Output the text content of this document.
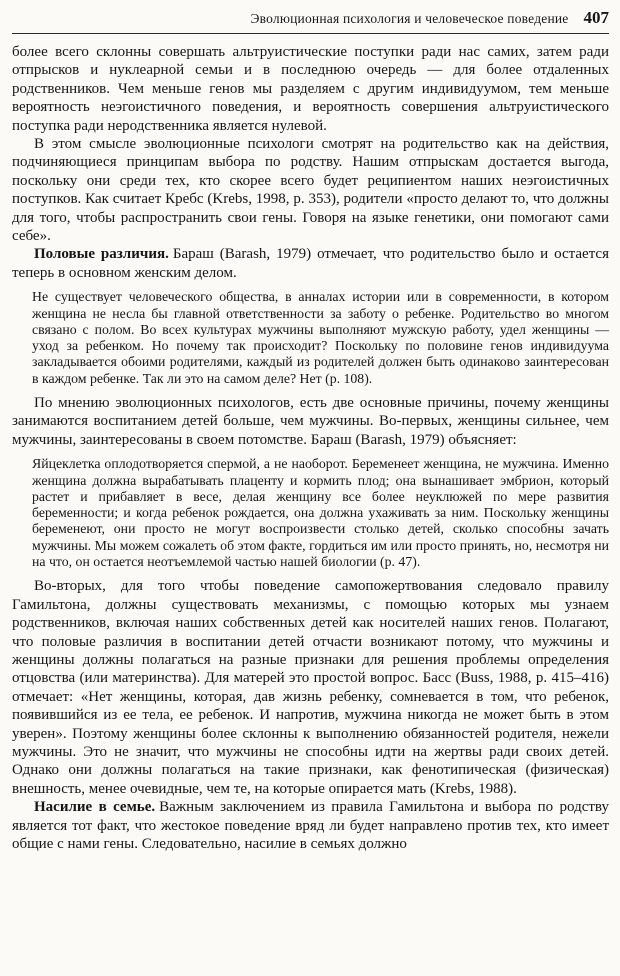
Эволюционная психология и человеческое поведение 407

более всего склонны совершать альтруистические поступки ради нас самих, затем ради отпрысков и нуклеарной семьи и в последнюю очередь — для более отдаленных родственников. Чем меньше генов мы разделяем с другим индивидуумом, тем меньше вероятность неэгоистичного поведения, и вероятность совершения альтруистического поступка ради неродственника является нулевой.

В этом смысле эволюционные психологи смотрят на родительство как на действия, подчиняющиеся принципам выбора по родству. Нашим отпрыскам достается выгода, поскольку они среди тех, кто скорее всего будет реципиентом наших неэгоистичных поступков. Как считает Кребс (Krebs, 1998, p. 353), родители «просто делают то, что должны для того, чтобы распространить свои гены. Говоря на языке генетики, они помогают сами себе».

Половые различия. Бараш (Barash, 1979) отмечает, что родительство было и остается теперь в основном женским делом.

Не существует человеческого общества, в анналах истории или в современности, в котором женщина не несла бы главной ответственности за заботу о ребенке. Родительство во многом связано с полом. Во всех культурах мужчины выполняют мужскую работу, удел женщины — уход за ребенком. Но почему так происходит? Поскольку по половине генов индивидуума закладывается обоими родителями, каждый из родителей должен быть одинаково заинтересован в каждом ребенке. Так ли это на самом деле? Нет (p. 108).

По мнению эволюционных психологов, есть две основные причины, почему женщины занимаются воспитанием детей больше, чем мужчины. Во-первых, женщины сильнее, чем мужчины, заинтересованы в своем потомстве. Бараш (Barash, 1979) объясняет:

Яйцеклетка оплодотворяется спермой, а не наоборот. Беременеет женщина, не мужчина. Именно женщина должна вырабатывать плаценту и кормить плод; она вынашивает эмбрион, который растет и прибавляет в весе, делая женщину все более неуклюжей по мере развития беременности; и когда ребенок рождается, она должна ухаживать за ним. Поскольку женщины беременеют, они просто не могут воспроизвести столько детей, сколько способны зачать мужчины. Мы можем сожалеть об этом факте, гордиться им или просто принять, но, несмотря ни на что, он остается неотъемлемой частью нашей биологии (p. 47).

Во-вторых, для того чтобы поведение самопожертвования следовало правилу Гамильтона, должны существовать механизмы, с помощью которых мы узнаем родственников, включая наших собственных детей как носителей наших генов. Полагают, что половые различия в воспитании детей отчасти возникают потому, что мужчины и женщины должны полагаться на разные признаки для решения проблемы определения отцовства (или материнства). Для матерей это простой вопрос. Басс (Buss, 1988, p. 415–416) отмечает: «Нет женщины, которая, дав жизнь ребенку, сомневается в том, что ребенок, появившийся из ее тела, ее ребенок. И напротив, мужчина никогда не может быть в этом уверен». Поэтому женщины более склонны к выполнению обязанностей родителя, нежели мужчины. Это не значит, что мужчины не способны идти на жертвы ради своих детей. Однако они должны полагаться на такие признаки, как фенотипическая (физическая) внешность, менее очевидные, чем те, на которые опирается мать (Krebs, 1988).

Насилие в семье. Важным заключением из правила Гамильтона и выбора по родству является тот факт, что жестокое поведение вряд ли будет направлено против тех, кто имеет общие с нами гены. Следовательно, насилие в семьях должно
